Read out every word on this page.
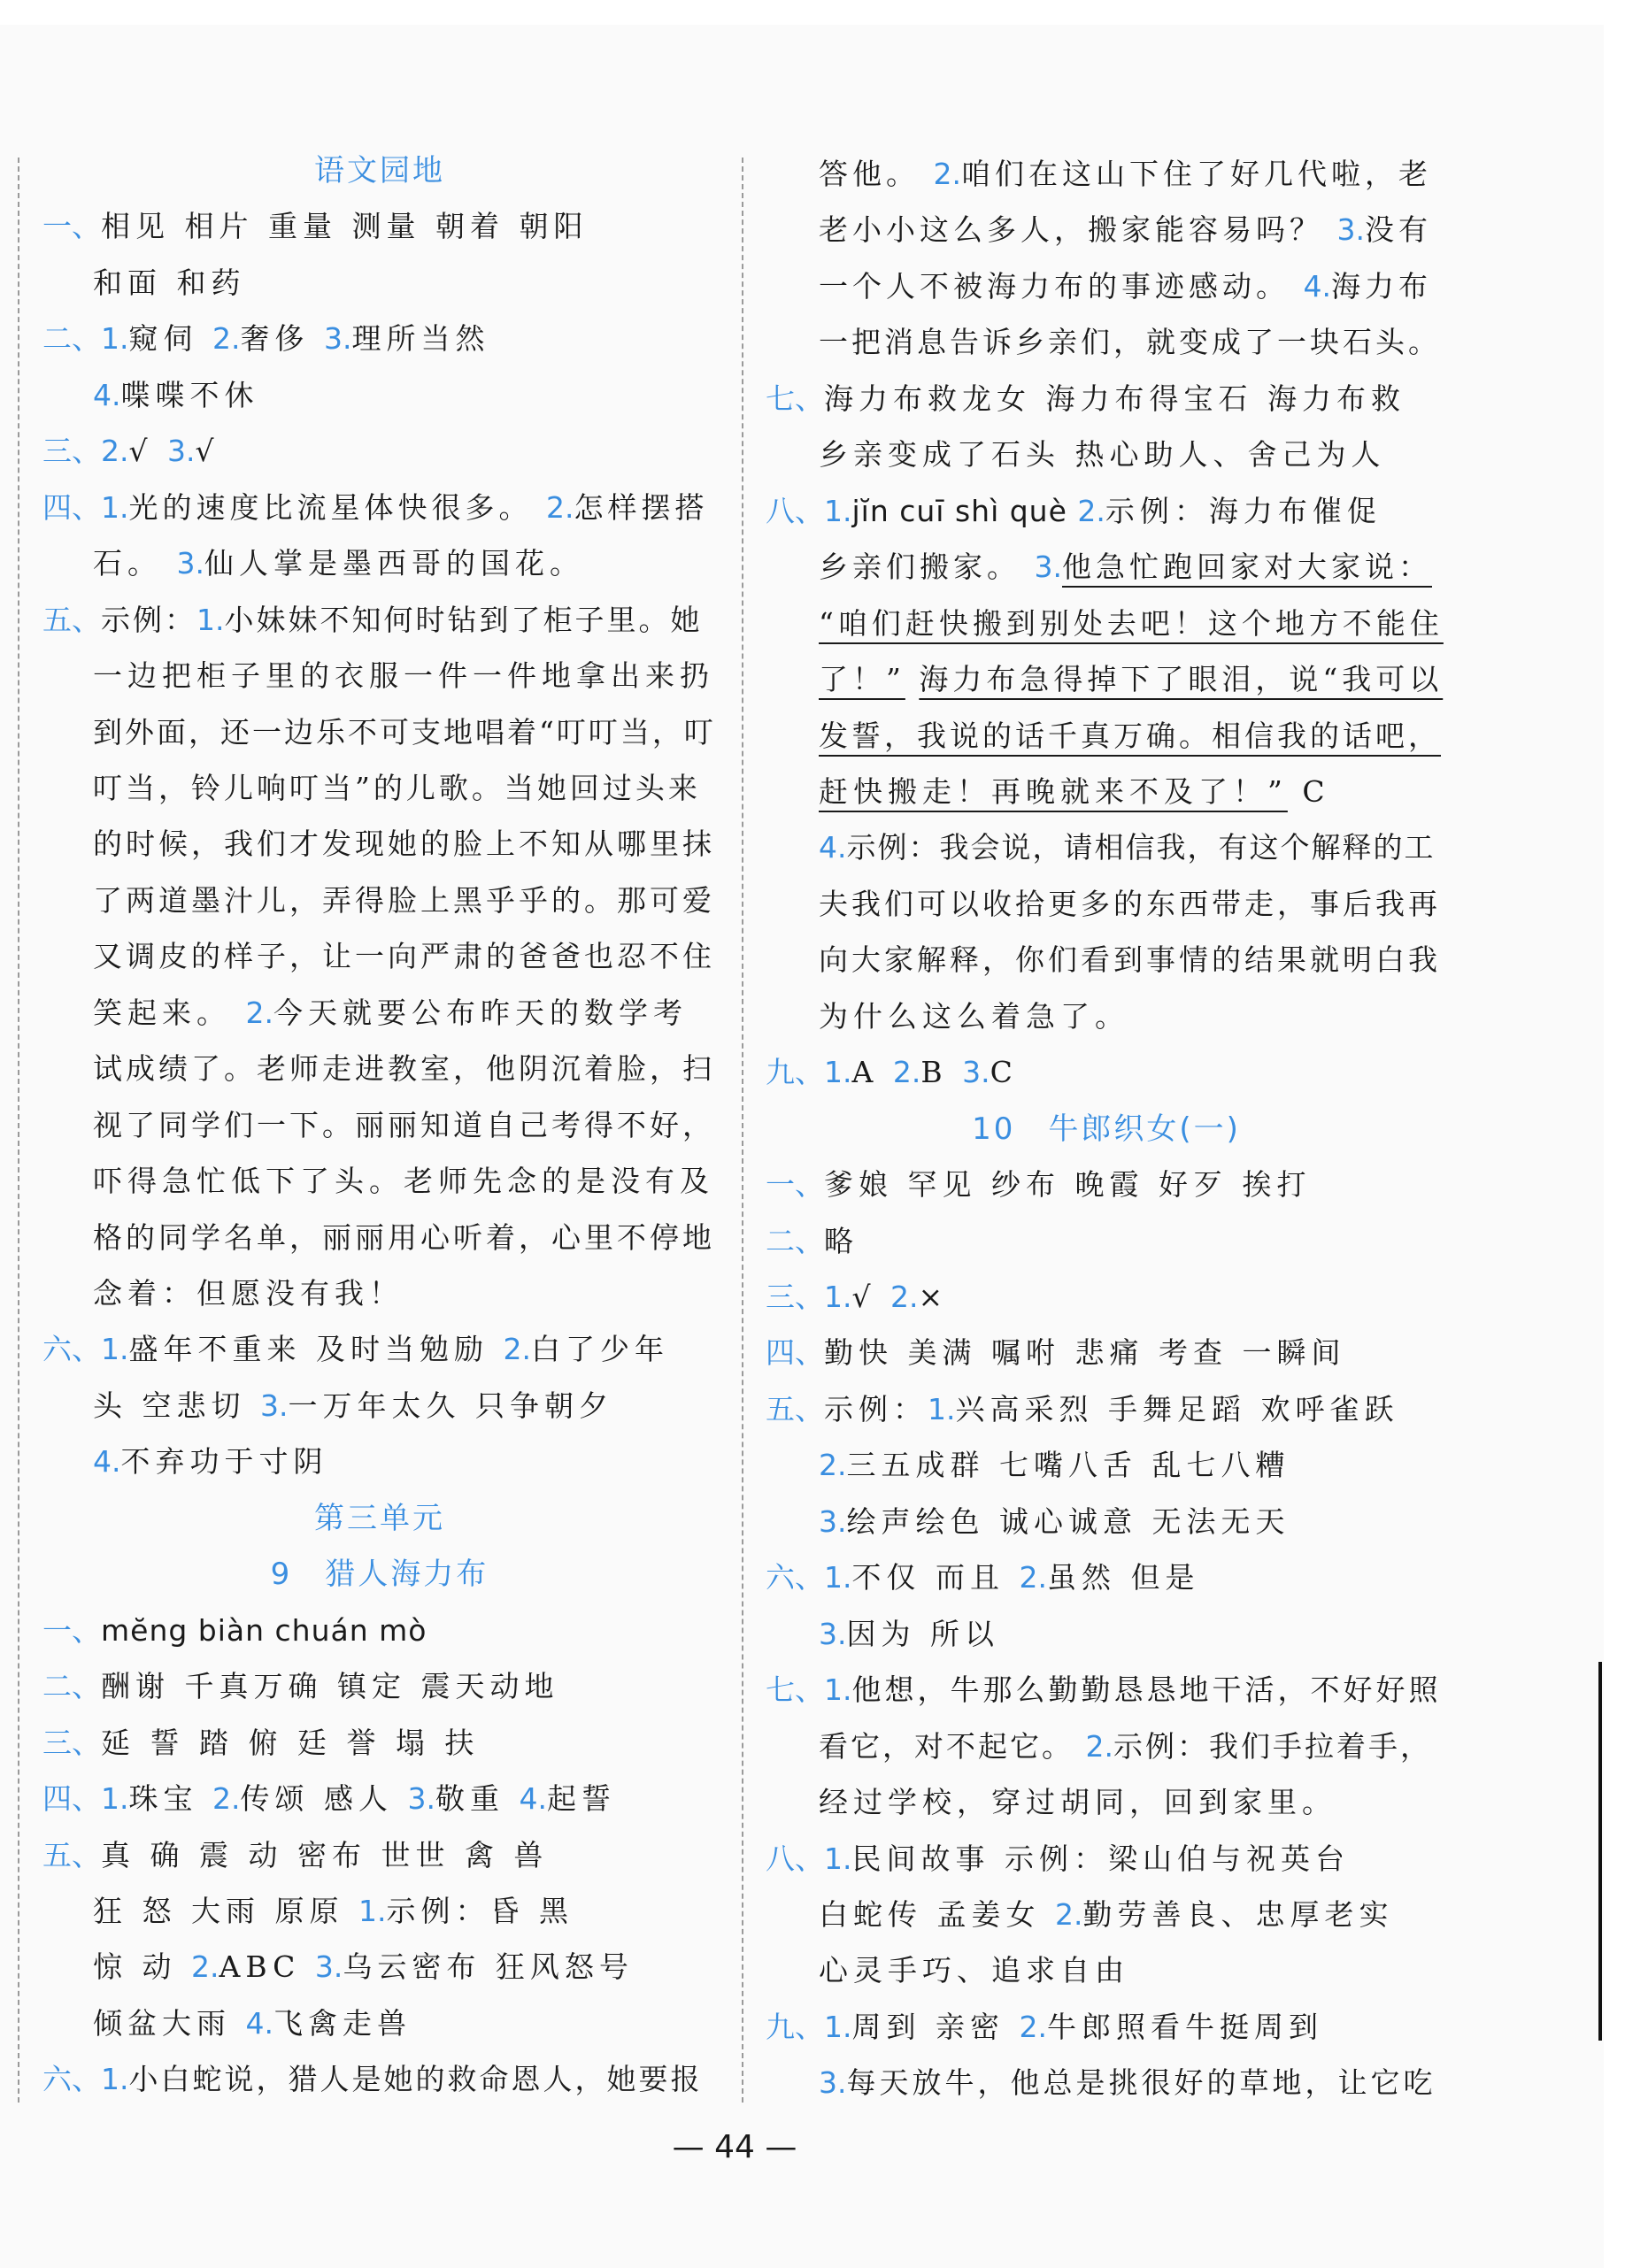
语文园地
一、相见 相片 重量 测量 朝着 朝阳
和面 和药
二、1.窥伺 2.奢侈 3.理所当然
4.喋喋不休
三、2.√ 3.√
四、1.光的速度比流星体快很多。 2.怎样摆搭
石。 3.仙人掌是墨西哥的国花。
五、示例：1.小妹妹不知何时钻到了柜子里。她
一边把柜子里的衣服一件一件地拿出来扔
到外面，还一边乐不可支地唱着“叮叮当，叮
叮当，铃儿响叮当”的儿歌。当她回过头来
的时候，我们才发现她的脸上不知从哪里抹
了两道墨汁儿，弄得脸上黑乎乎的。那可爱
又调皮的样子，让一向严肃的爸爸也忍不住
笑起来。 2.今天就要公布昨天的数学考
试成绩了。老师走进教室，他阴沉着脸，扫
视了同学们一下。丽丽知道自己考得不好，
吓得急忙低下了头。老师先念的是没有及
格的同学名单，丽丽用心听着，心里不停地
念着：但愿没有我！
六、1.盛年不重来 及时当勉励 2.白了少年
头 空悲切 3.一万年太久 只争朝夕
4.不弃功于寸阴
第三单元
9　猎人海力布
一、mĕng biàn chuán mò
二、酬谢 千真万确 镇定 震天动地
三、延 誓 踏 俯 廷 誉 塌 扶
四、1.珠宝 2.传颂 感人 3.敬重 4.起誓
五、真 确 震 动 密布 世世 禽 兽
狂 怒 大雨 原原 1.示例：昏 黑
惊 动 2.ABC 3.乌云密布 狂风怒号
倾盆大雨 4.飞禽走兽
六、1.小白蛇说，猎人是她的救命恩人，她要报
答他。 2.咱们在这山下住了好几代啦，老
老小小这么多人，搬家能容易吗？ 3.没有
一个人不被海力布的事迹感动。 4.海力布
一把消息告诉乡亲们，就变成了一块石头。
七、海力布救龙女 海力布得宝石 海力布救
乡亲变成了石头 热心助人、舍己为人
八、1.jĭn cuī shì què 2.示例：海力布催促
乡亲们搬家。 3.他急忙跑回家对大家说：
“咱们赶快搬到别处去吧！这个地方不能住
了！” 海力布急得掉下了眼泪，说“我可以
发誓，我说的话千真万确。相信我的话吧，
赶快搬走！再晚就来不及了！” C
4.示例：我会说，请相信我，有这个解释的工
夫我们可以收拾更多的东西带走，事后我再
向大家解释，你们看到事情的结果就明白我
为什么这么着急了。
九、1.A 2.B 3.C
10　牛郎织女(一)
一、爹娘 罕见 纱布 晚霞 好歹 挨打
二、略
三、1.√ 2.×
四、勤快 美满 嘱咐 悲痛 考查 一瞬间
五、示例：1.兴高采烈 手舞足蹈 欢呼雀跃
2.三五成群 七嘴八舌 乱七八糟
3.绘声绘色 诚心诚意 无法无天
六、1.不仅 而且 2.虽然 但是
3.因为 所以
七、1.他想，牛那么勤勤恳恳地干活，不好好照
看它，对不起它。 2.示例：我们手拉着手，
经过学校，穿过胡同，回到家里。
八、1.民间故事 示例：梁山伯与祝英台
白蛇传 孟姜女 2.勤劳善良、忠厚老实
心灵手巧、追求自由
九、1.周到 亲密 2.牛郎照看牛挺周到
3.每天放牛，他总是挑很好的草地，让它吃
— 44 —
